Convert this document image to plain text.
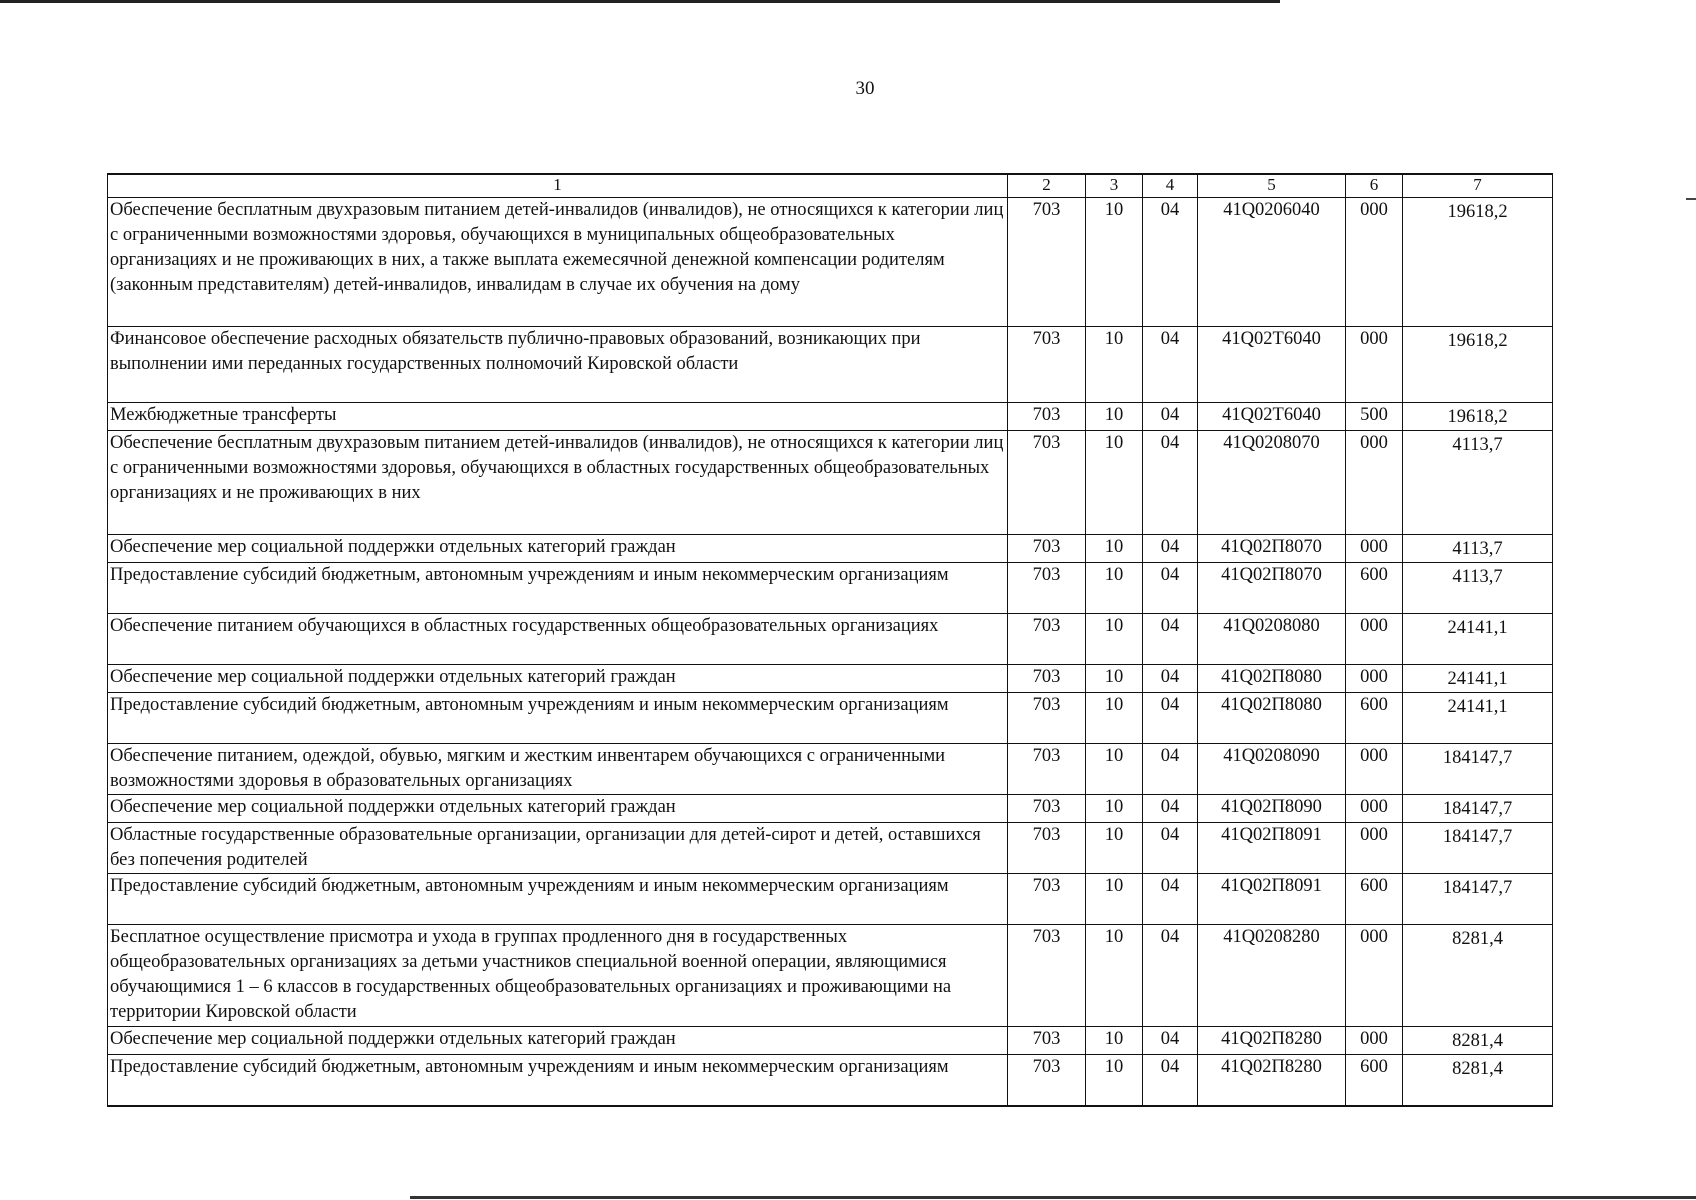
30
1	2	3	4	5	6	7
Обеспечение бесплатным двухразовым питанием детей-инвалидов (инвалидов), не относящихся к категории лиц с ограниченными возможностями здоровья, обучающихся в муниципальных общеобразовательных организациях и не проживающих в них, а также выплата ежемесячной денежной компенсации родителям (законным представителям) детей-инвалидов, инвалидам в случае их обучения на дому	703	10	04	41Q0206040	000	19618,2
Финансовое обеспечение расходных обязательств публично-правовых образований, возникающих при выполнении ими переданных государственных полномочий Кировской области	703	10	04	41Q02Т6040	000	19618,2
Межбюджетные трансферты	703	10	04	41Q02Т6040	500	19618,2
Обеспечение бесплатным двухразовым питанием детей-инвалидов (инвалидов), не относящихся к категории лиц с ограниченными возможностями здоровья, обучающихся в областных государственных общеобразовательных организациях и не проживающих в них	703	10	04	41Q0208070	000	4113,7
Обеспечение мер социальной поддержки отдельных категорий граждан	703	10	04	41Q02П8070	000	4113,7
Предоставление субсидий бюджетным, автономным учреждениям и иным некоммерческим организациям	703	10	04	41Q02П8070	600	4113,7
Обеспечение питанием обучающихся в областных государственных общеобразовательных организациях	703	10	04	41Q0208080	000	24141,1
Обеспечение мер социальной поддержки отдельных категорий граждан	703	10	04	41Q02П8080	000	24141,1
Предоставление субсидий бюджетным, автономным учреждениям и иным некоммерческим организациям	703	10	04	41Q02П8080	600	24141,1
Обеспечение питанием, одеждой, обувью, мягким и жестким инвентарем обучающихся с ограниченными возможностями здоровья в образовательных организациях	703	10	04	41Q0208090	000	184147,7
Обеспечение мер социальной поддержки отдельных категорий граждан	703	10	04	41Q02П8090	000	184147,7
Областные государственные образовательные организации, организации для детей-сирот и детей, оставшихся без попечения родителей	703	10	04	41Q02П8091	000	184147,7
Предоставление субсидий бюджетным, автономным учреждениям и иным некоммерческим организациям	703	10	04	41Q02П8091	600	184147,7
Бесплатное осуществление присмотра и ухода в группах продленного дня в государственных общеобразовательных организациях за детьми участников специальной военной операции, являющимися обучающимися 1 – 6 классов в государственных общеобразовательных организациях и проживающими на территории Кировской области	703	10	04	41Q0208280	000	8281,4
Обеспечение мер социальной поддержки отдельных категорий граждан	703	10	04	41Q02П8280	000	8281,4
Предоставление субсидий бюджетным, автономным учреждениям и иным некоммерческим организациям	703	10	04	41Q02П8280	600	8281,4
